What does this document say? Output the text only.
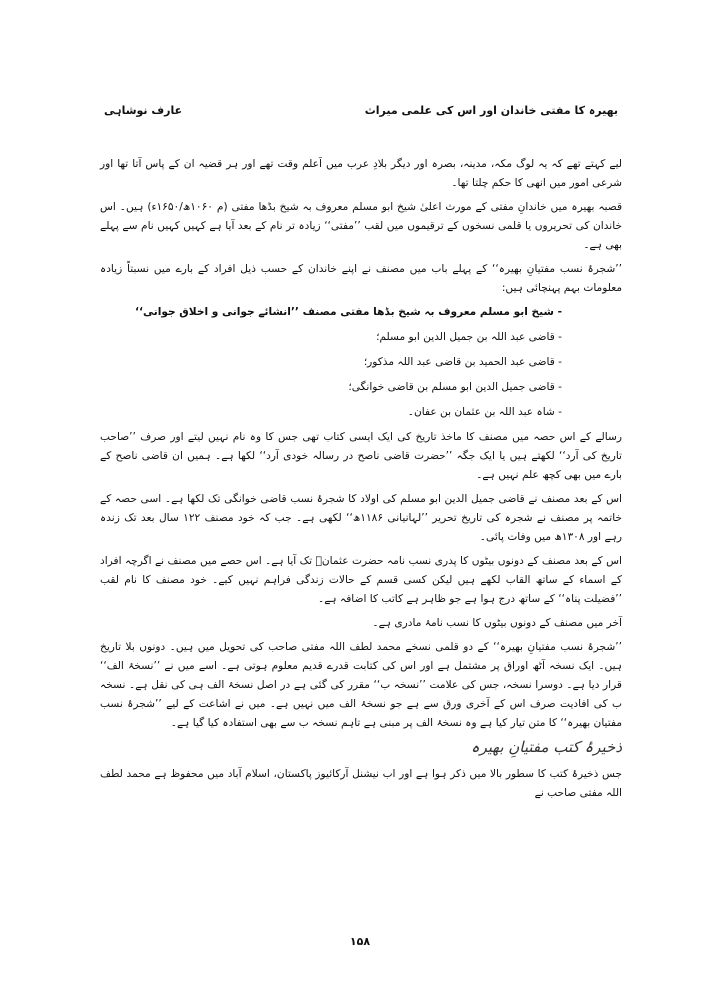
بھیرہ کا مفتی خاندان اور اس کی علمی میراث
عارف نوشاہی

لیے کہتے تھے کہ یہ لوگ مکہ، مدینہ، بصرہ اور دیگر بلادِ عرب میں اَعلم وقت تھے اور ہر قضیہ ان کے پاس آتا تھا اور شرعی امور میں انھی کا حکم چلتا تھا۔

قصبہ بھیرہ میں خاندانِ مفتی کے مورث اعلیٰ شیخ ابو مسلم معروف بہ شیخ بڈھا مفتی (م ۱۰۶۰ھ/۱۶۵۰ء) ہیں۔ اس خاندان کی تحریروں یا قلمی نسخوں کے ترقیموں میں لقب ’’مفتی‘‘ زیادہ تر نام کے بعد آیا ہے کہیں کہیں نام سے پہلے بھی ہے۔

’’شجرۂ نسب مفتیانِ بھیرہ‘‘ کے پہلے باب میں مصنف نے اپنے خاندان کے حسب ذیل افراد کے بارے میں نسبتاً زیادہ معلومات بہم پہنچائی ہیں:

- شیخ ابو مسلم معروف بہ شیخ بڈھا مفتی مصنف ’’انشائے جوانی و اخلاق جوانی‘‘
- قاضی عبد اللہ بن جمیل الدین ابو مسلم؛
- قاضی عبد الحمید بن قاضی عبد اللہ مذکور؛
- قاضی جمیل الدین ابو مسلم بن قاضی خوانگی؛
- شاہ عبد اللہ بن عثمان بن عفان۔

رسالے کے اس حصہ میں مصنف کا ماخذ تاریخ کی ایک ایسی کتاب تھی جس کا وہ نام نہیں لیتے اور صرف ’’صاحب تاریخ کی آرد‘‘ لکھتے ہیں یا ایک جگہ ’’حضرت قاضی ناصح در رسالہ خودی آرد‘‘ لکھا ہے۔ ہمیں ان قاضی ناصح کے بارے میں بھی کچھ علم نہیں ہے۔

اس کے بعد مصنف نے قاضی جمیل الدین ابو مسلم کی اولاد کا شجرۂ نسب قاضی خوانگی تک لکھا ہے۔ اسی حصہ کے خاتمہ پر مصنف نے شجرہ کی تاریخ تحریر ’’لہانیانی ۱۱۸۶ھ‘‘ لکھی ہے۔ جب کہ خود مصنف ۱۲۲ سال بعد تک زندہ رہے اور ۱۳۰۸ھ میں وفات پائی۔

اس کے بعد مصنف کے دونوں بیٹوں کا پدری نسب نامہ حضرت عثمانؓ تک آیا ہے۔ اس حصے میں مصنف نے اگرچہ افراد کے اسماء کے ساتھ القاب لکھے ہیں لیکن کسی قسم کے حالات زندگی فراہم نہیں کیے۔ خود مصنف کا نام لقب ’’فضیلت پناہ‘‘ کے ساتھ درج ہوا ہے جو ظاہر ہے کاتب کا اضافہ ہے۔

آخر میں مصنف کے دونوں بیٹوں کا نسب نامۂ مادری ہے۔

’’شجرۂ نسب مفتیانِ بھیرہ‘‘ کے دو قلمی نسخے محمد لطف اللہ مفتی صاحب کی تحویل میں ہیں۔ دونوں بلا تاریخ ہیں۔ ایک نسخہ آٹھ اوراق پر مشتمل ہے اور اس کی کتابت قدرے قدیم معلوم ہوتی ہے۔ اسے میں نے ’’نسخۂ الف‘‘ قرار دیا ہے۔ دوسرا نسخہ، جس کی علامت ’’نسخہ ب‘‘ مقرر کی گئی ہے در اصل نسخۂ الف ہی کی نقل ہے۔ نسخہ ب کی افادیت صرف اس کے آخری ورق سے ہے جو نسخۂ الف میں نہیں ہے۔ میں نے اشاعت کے لیے ’’شجرۂ نسب مفتیان بھیرہ‘‘ کا متن تیار کیا ہے وہ نسخۂ الف پر مبنی ہے تاہم نسخہ ب سے بھی استفادہ کیا گیا ہے۔

ذخیرۂ کتب مفتیانِ بھیرہ

جس ذخیرۂ کتب کا سطور بالا میں ذکر ہوا ہے اور اب نیشنل آرکائیوز پاکستان، اسلام آباد میں محفوظ ہے محمد لطف اللہ مفتی صاحب نے

۱۵۸
